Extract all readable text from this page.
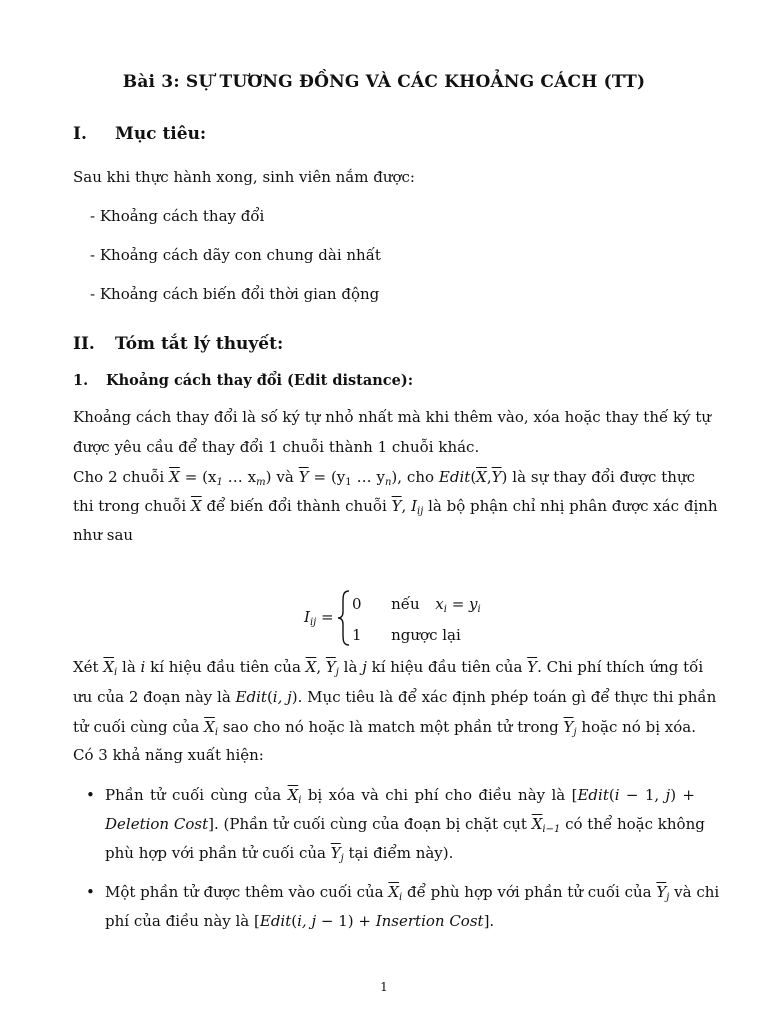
Bài 3: SỰ TƯƠNG ĐỒNG VÀ CÁC KHOẢNG CÁCH (TT)
I. Mục tiêu:
Sau khi thực hành xong, sinh viên nắm được:
- Khoảng cách thay đổi
- Khoảng cách dãy con chung dài nhất
- Khoảng cách biến đổi thời gian động
II. Tóm tắt lý thuyết:
1. Khoảng cách thay đổi (Edit distance):
Khoảng cách thay đổi là số ký tự nhỏ nhất mà khi thêm vào, xóa hoặc thay thế ký tự
được yêu cầu để thay đổi 1 chuỗi thành 1 chuỗi khác.
Cho 2 chuỗi $\overline{X} = (x_1$ … $x_m$) và $\overline{Y} = (y_1$ … $y_n$), cho $Edit(\overline{X},\overline{Y})$ là sự thay đổi được thực
thi trong chuỗi $\overline{X}$ để biến đổi thành chuỗi $\overline{Y}$, $I_{ij}$ là bộ phận chỉ nhị phân được xác định
như sau
$I_{ij}$ =
0 nếu $x_i = y_i$
1 ngược lại
Xét $\overline{X}_i$ là i kí hiệu đầu tiên của $\overline{X}$, $\overline{Y}_j$ là j kí hiệu đầu tiên của $\overline{Y}$. Chi phí thích ứng tối
ưu của 2 đoạn này là Edit(i, j). Mục tiêu là để xác định phép toán gì để thực thi phần
tử cuối cùng của $\overline{X}_i$ sao cho nó hoặc là match một phần tử trong $\overline{Y}_j$ hoặc nó bị xóa.
Có 3 khả năng xuất hiện:
• Phần tử cuối cùng của $\overline{X}_i$ bị xóa và chi phí cho điều này là [Edit(i − 1, j) +
Deletion Cost]. (Phần tử cuối cùng của đoạn bị chặt cụt $\overline{X}_{i-1}$ có thể hoặc không
phù hợp với phần tử cuối của $\overline{Y}_j$ tại điểm này).
• Một phần tử được thêm vào cuối của $\overline{X}_i$ để phù hợp với phần tử cuối của $\overline{Y}_j$ và chi
phí của điều này là [Edit(i, j − 1) + Insertion Cost].
1
